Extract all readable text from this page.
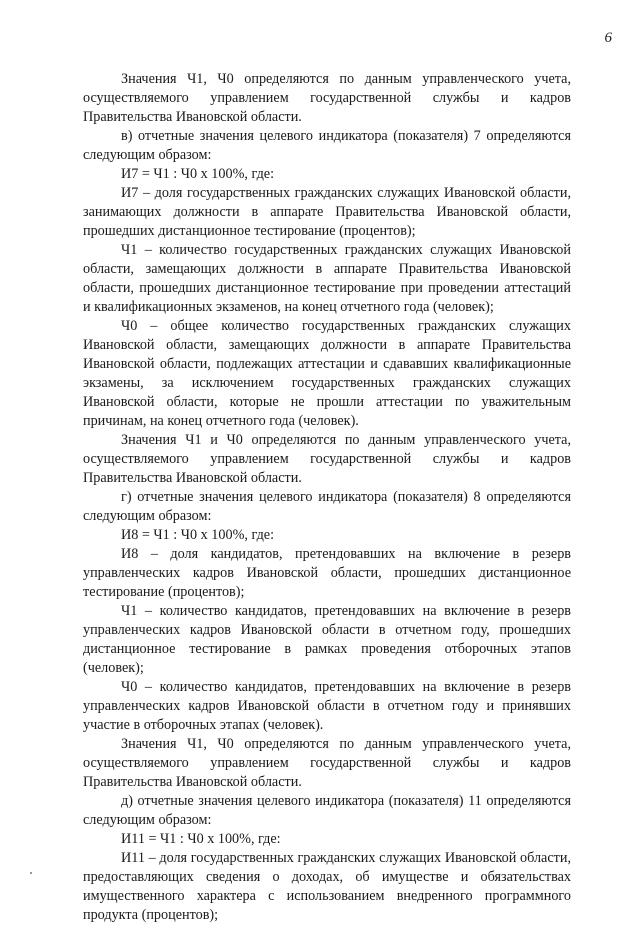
6

Значения Ч1, Ч0 определяются по данным управленческого учета, осуществляемого управлением государственной службы и кадров Правительства Ивановской области.

в) отчетные значения целевого индикатора (показателя) 7 определяются следующим образом:

И7 = Ч1 : Ч0 x 100%, где:

И7 – доля государственных гражданских служащих Ивановской области, занимающих должности в аппарате Правительства Ивановской области, прошедших дистанционное тестирование (процентов);

Ч1 – количество государственных гражданских служащих Ивановской области, замещающих должности в аппарате Правительства Ивановской области, прошедших дистанционное тестирование при проведении аттестаций и квалификационных экзаменов, на конец отчетного года (человек);

Ч0 – общее количество государственных гражданских служащих Ивановской области, замещающих должности в аппарате Правительства Ивановской области, подлежащих аттестации и сдававших квалификационные экзамены, за исключением государственных гражданских служащих Ивановской области, которые не прошли аттестации по уважительным причинам, на конец отчетного года (человек).

Значения Ч1 и Ч0 определяются по данным управленческого учета, осуществляемого управлением государственной службы и кадров Правительства Ивановской области.

г) отчетные значения целевого индикатора (показателя) 8 определяются следующим образом:

И8 = Ч1 : Ч0 x 100%, где:

И8 – доля кандидатов, претендовавших на включение в резерв управленческих кадров Ивановской области, прошедших дистанционное тестирование (процентов);

Ч1 – количество кандидатов, претендовавших на включение в резерв управленческих кадров Ивановской области в отчетном году, прошедших дистанционное тестирование в рамках проведения отборочных этапов (человек);

Ч0 – количество кандидатов, претендовавших на включение в резерв управленческих кадров Ивановской области в отчетном году и принявших участие в отборочных этапах (человек).

Значения Ч1, Ч0 определяются по данным управленческого учета, осуществляемого управлением государственной службы и кадров Правительства Ивановской области.

д) отчетные значения целевого индикатора (показателя) 11 определяются следующим образом:

И11 = Ч1 : Ч0 x 100%, где:

И11 – доля государственных гражданских служащих Ивановской области, предоставляющих сведения о доходах, об имуществе и обязательствах имущественного характера с использованием внедренного программного продукта (процентов);
